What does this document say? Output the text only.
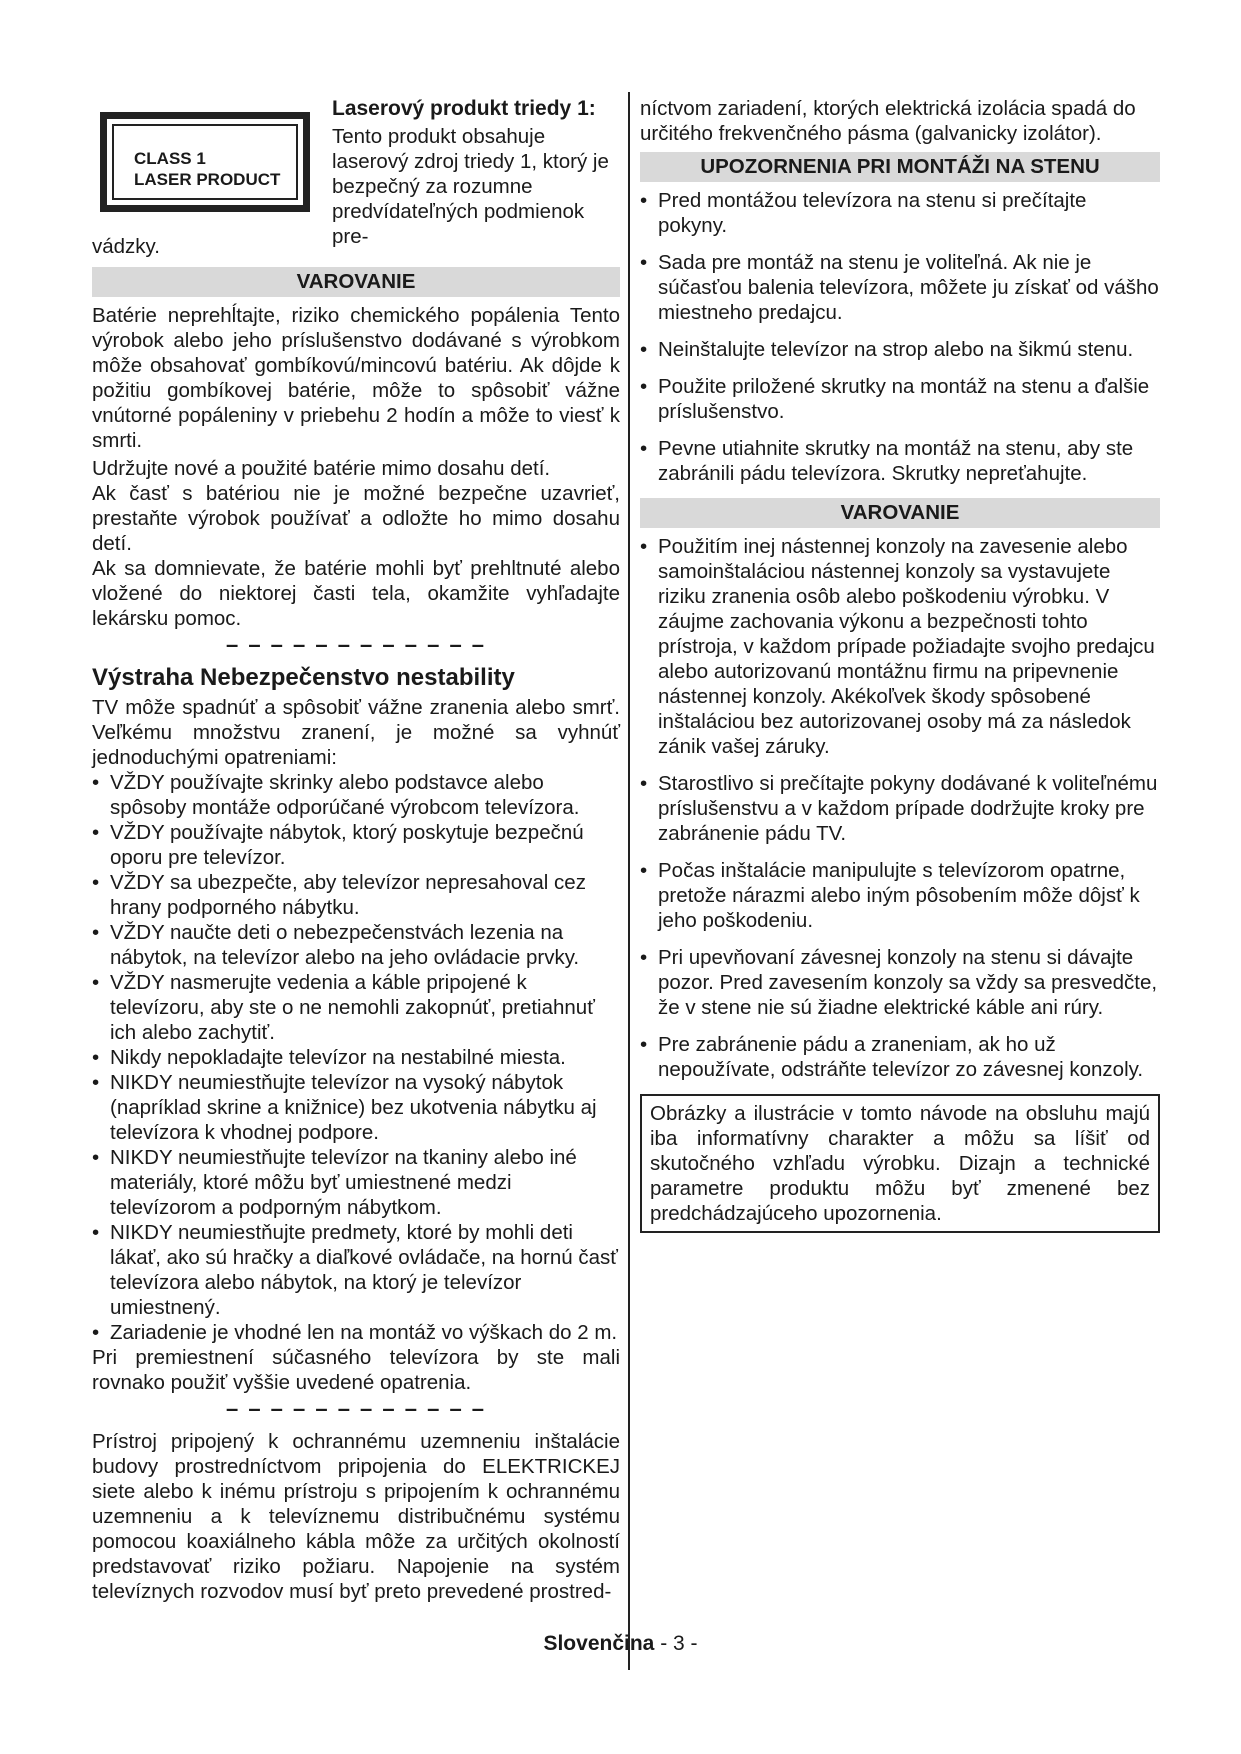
CLASS 1
LASER PRODUCT
Laserový produkt triedy 1:
Tento produkt obsahuje laserový zdroj triedy 1, ktorý je bezpečný za rozumne predvídateľných podmienok pre-
vádzky.
VAROVANIE

Batérie neprehĺtajte, riziko chemického popálenia Tento výrobok alebo jeho príslušenstvo dodávané s výrobkom môže obsahovať gombíkovú/mincovú batériu. Ak dôjde k požitiu gombíkovej batérie, môže to spôsobiť vážne vnútorné popáleniny v priebehu 2 hodín a môže to viesť k smrti.

Udržujte nové a použité batérie mimo dosahu detí.

Ak časť s batériou nie je možné bezpečne uzavrieť, prestaňte výrobok používať a odložte ho mimo dosahu detí.

Ak sa domnievate, že batérie mohli byť prehltnuté alebo vložené do niektorej časti tela, okamžite vyhľadajte lekársku pomoc.

– – – – – – – – – – – –
Výstraha Nebezpečenstvo nestability

TV môže spadnúť a spôsobiť vážne zranenia alebo smrť. Veľkému množstvu zranení, je možné sa vyhnúť jednoduchými opatreniami:

• VŽDY používajte skrinky alebo podstavce alebo spôsoby montáže odporúčané výrobcom televízora.
• VŽDY používajte nábytok, ktorý poskytuje bezpečnú oporu pre televízor.
• VŽDY sa ubezpečte, aby televízor nepresahoval cez hrany podporného nábytku.
• VŽDY naučte deti o nebezpečenstvách lezenia na nábytok, na televízor alebo na jeho ovládacie prvky.
• VŽDY nasmerujte vedenia a káble pripojené k televízoru, aby ste o ne nemohli zakopnúť, pretiahnuť ich alebo zachytiť.
• Nikdy nepokladajte televízor na nestabilné miesta.
• NIKDY neumiestňujte televízor na vysoký nábytok (napríklad skrine a knižnice) bez ukotvenia nábytku aj televízora k vhodnej podpore.
• NIKDY neumiestňujte televízor na tkaniny alebo iné materiály, ktoré môžu byť umiestnené medzi televízorom a podporným nábytkom.
• NIKDY neumiestňujte predmety, ktoré by mohli deti lákať, ako sú hračky a diaľkové ovládače, na hornú časť televízora alebo nábytok, na ktorý je televízor umiestnený.
• Zariadenie je vhodné len na montáž vo výškach do 2 m.

Pri premiestnení súčasného televízora by ste mali rovnako použiť vyššie uvedené opatrenia.

– – – – – – – – – – – –

Prístroj pripojený k ochrannému uzemneniu inštalácie budovy prostredníctvom pripojenia do ELEKTRICKEJ siete alebo k inému prístroju s pripojením k ochrannému uzemneniu a k televíznemu distribučnému systému pomocou koaxiálneho kábla môže za určitých okolností predstavovať riziko požiaru. Napojenie na systém televíznych rozvodov musí byť preto prevedené prostred-

níctvom zariadení, ktorých elektrická izolácia spadá do určitého frekvenčného pásma (galvanicky izolátor).

UPOZORNENIA PRI MONTÁŽI NA STENU
• Pred montážou televízora na stenu si prečítajte pokyny.
• Sada pre montáž na stenu je voliteľná. Ak nie je súčasťou balenia televízora, môžete ju získať od vášho miestneho predajcu.
• Neinštalujte televízor na strop alebo na šikmú stenu.
• Použite priložené skrutky na montáž na stenu a ďalšie príslušenstvo.
• Pevne utiahnite skrutky na montáž na stenu, aby ste zabránili pádu televízora. Skrutky nepreťahujte.
VAROVANIE
• Použitím inej nástennej konzoly na zavesenie alebo samoinštaláciou nástennej konzoly sa vystavujete riziku zranenia osôb alebo poškodeniu výrobku. V záujme zachovania výkonu a bezpečnosti tohto prístroja, v každom prípade požiadajte svojho predajcu alebo autorizovanú montážnu firmu na pripevnenie nástennej konzoly. Akékoľvek škody spôsobené inštaláciou bez autorizovanej osoby má za následok zánik vašej záruky.
• Starostlivo si prečítajte pokyny dodávané k voliteľnému príslušenstvu a v každom prípade dodržujte kroky pre zabránenie pádu TV.
• Počas inštalácie manipulujte s televízorom opatrne, pretože nárazmi alebo iným pôsobením môže dôjsť k jeho poškodeniu.
• Pri upevňovaní závesnej konzoly na stenu si dávajte pozor. Pred zavesením konzoly sa vždy sa presvedčte, že v stene nie sú žiadne elektrické káble ani rúry.
• Pre zabránenie pádu a zraneniam, ak ho už nepoužívate, odstráňte televízor zo závesnej konzoly.

Obrázky a ilustrácie v tomto návode na obsluhu majú iba informatívny charakter a môžu sa líšiť od skutočného vzhľadu výrobku. Dizajn a technické parametre produktu môžu byť zmenené bez predchádzajúceho upozornenia.

Slovenčina - 3 -
